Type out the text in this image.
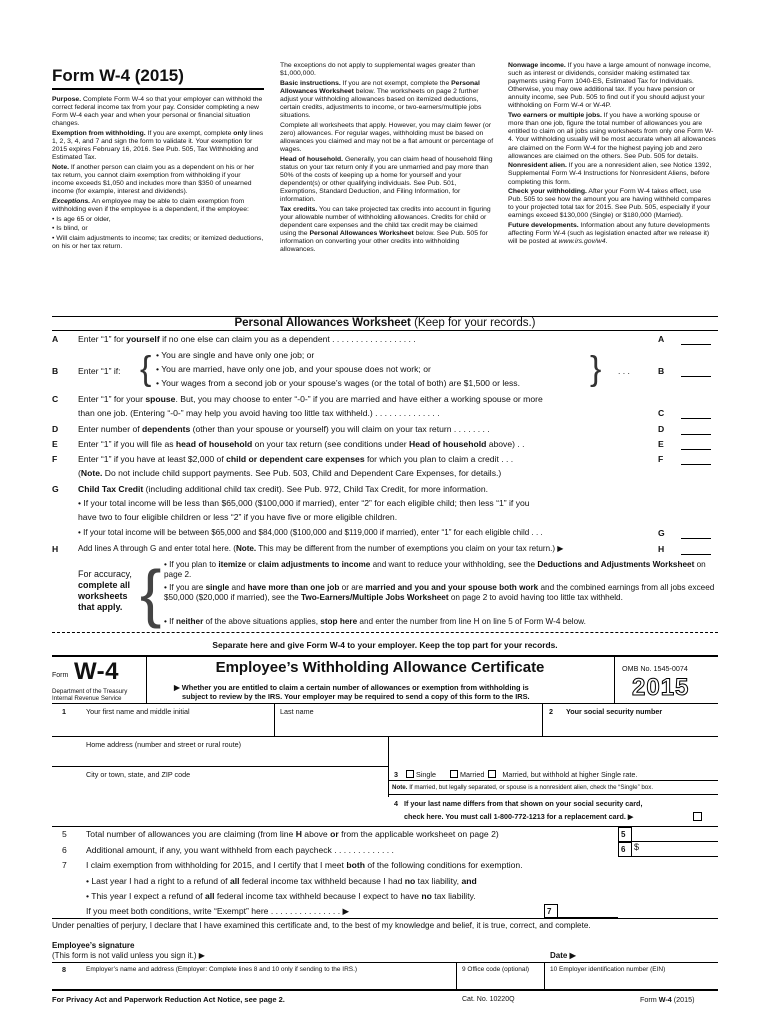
Form W-4 (2015)

Purpose. Complete Form W-4 so that your employer can withhold the correct federal income tax from your pay. Consider completing a new Form W-4 each year and when your personal or financial situation changes.

Exemption from withholding. If you are exempt, complete only lines 1, 2, 3, 4, and 7 and sign the form to validate it. Your exemption for 2015 expires February 16, 2016. See Pub. 505, Tax Withholding and Estimated Tax.

Note. If another person can claim you as a dependent on his or her tax return, you cannot claim exemption from withholding if your income exceeds $1,050 and includes more than $350 of unearned income (for example, interest and dividends).

Exceptions. An employee may be able to claim exemption from withholding even if the employee is a dependent, if the employee:

• Is age 65 or older,

• Is blind, or

• Will claim adjustments to income; tax credits; or itemized deductions, on his or her tax return.

The exceptions do not apply to supplemental wages greater than $1,000,000.

Basic instructions. If you are not exempt, complete the Personal Allowances Worksheet below. The worksheets on page 2 further adjust your withholding allowances based on itemized deductions, certain credits, adjustments to income, or two-earners/multiple jobs situations.

Complete all worksheets that apply. However, you may claim fewer (or zero) allowances. For regular wages, withholding must be based on allowances you claimed and may not be a flat amount or percentage of wages.

Head of household. Generally, you can claim head of household filing status on your tax return only if you are unmarried and pay more than 50% of the costs of keeping up a home for yourself and your dependent(s) or other qualifying individuals. See Pub. 501, Exemptions, Standard Deduction, and Filing Information, for information.

Tax credits. You can take projected tax credits into account in figuring your allowable number of withholding allowances. Credits for child or dependent care expenses and the child tax credit may be claimed using the Personal Allowances Worksheet below. See Pub. 505 for information on converting your other credits into withholding allowances.

Nonwage income. If you have a large amount of nonwage income, such as interest or dividends, consider making estimated tax payments using Form 1040-ES, Estimated Tax for Individuals. Otherwise, you may owe additional tax. If you have pension or annuity income, see Pub. 505 to find out if you should adjust your withholding on Form W-4 or W-4P.

Two earners or multiple jobs. If you have a working spouse or more than one job, figure the total number of allowances you are entitled to claim on all jobs using worksheets from only one Form W-4. Your withholding usually will be most accurate when all allowances are claimed on the Form W-4 for the highest paying job and zero allowances are claimed on the others. See Pub. 505 for details.

Nonresident alien. If you are a nonresident alien, see Notice 1392, Supplemental Form W-4 Instructions for Nonresident Aliens, before completing this form.

Check your withholding. After your Form W-4 takes effect, use Pub. 505 to see how the amount you are having withheld compares to your projected total tax for 2015. See Pub. 505, especially if your earnings exceed $130,000 (Single) or $180,000 (Married).

Future developments. Information about any future developments affecting Form W-4 (such as legislation enacted after we release it) will be posted at www.irs.gov/w4.

Personal Allowances Worksheet (Keep for your records.)
A Enter “1” for yourself if no one else can claim you as a dependent . . . . . . . . . . . . . . . . . .	A
B Enter “1” if: { • You are single and have only one job; or
• You are married, have only one job, and your spouse does not work; or
• Your wages from a second job or your spouse’s wages (or the total of both) are $1,500 or less.	} . . .	B
C Enter “1” for your spouse. But, you may choose to enter “-0-” if you are married and have either a working spouse or more
than one job. (Entering “-0-” may help you avoid having too little tax withheld.) . . . . . . . . . . . . . .	C
D Enter number of dependents (other than your spouse or yourself) you will claim on your tax return . . . . . . . .	D
E Enter “1” if you will file as head of household on your tax return (see conditions under Head of household above) . .	E
F Enter “1” if you have at least $2,000 of child or dependent care expenses for which you plan to claim a credit . . .	F
(Note. Do not include child support payments. See Pub. 503, Child and Dependent Care Expenses, for details.)
G Child Tax Credit (including additional child tax credit). See Pub. 972, Child Tax Credit, for more information.
• If your total income will be less than $65,000 ($100,000 if married), enter “2” for each eligible child; then less “1” if you
have two to four eligible children or less “2” if you have five or more eligible children.
• If your total income will be between $65,000 and $84,000 ($100,000 and $119,000 if married), enter “1” for each eligible child . . .	G
H Add lines A through G and enter total here. (Note. This may be different from the number of exemptions you claim on your tax return.) ▶	H
For accuracy, complete all worksheets that apply. { • If you plan to itemize or claim adjustments to income and want to reduce your withholding, see the Deductions and Adjustments Worksheet on page 2.
• If you are single and have more than one job or are married and you and your spouse both work and the combined earnings from all jobs exceed $50,000 ($20,000 if married), see the Two-Earners/Multiple Jobs Worksheet on page 2 to avoid having too little tax withheld.
• If neither of the above situations applies, stop here and enter the number from line H on line 5 of Form W-4 below.
Separate here and give Form W-4 to your employer. Keep the top part for your records.
Form W-4
Department of the Treasury
Internal Revenue Service
Employee’s Withholding Allowance Certificate
▶ Whether you are entitled to claim a certain number of allowances or exemption from withholding is
subject to review by the IRS. Your employer may be required to send a copy of this form to the IRS.
OMB No. 1545-0074
2015
1	Your first name and middle initial	Last name	2 Your social security number
Home address (number and street or rural route)
3	Single	Married	Married, but withhold at higher Single rate.
Note. If married, but legally separated, or spouse is a nonresident alien, check the “Single” box.
City or town, state, and ZIP code
4 If your last name differs from that shown on your social security card,
check here. You must call 1-800-772-1213 for a replacement card. ▶
5 Total number of allowances you are claiming (from line H above or from the applicable worksheet on page 2)	5
6 Additional amount, if any, you want withheld from each paycheck . . . . . . . . . . . . .	6 $
7 I claim exemption from withholding for 2015, and I certify that I meet both of the following conditions for exemption.
• Last year I had a right to a refund of all federal income tax withheld because I had no tax liability, and
• This year I expect a refund of all federal income tax withheld because I expect to have no tax liability.
If you meet both conditions, write “Exempt” here . . . . . . . . . . . . . . . ▶	7
Under penalties of perjury, I declare that I have examined this certificate and, to the best of my knowledge and belief, it is true, correct, and complete.
Employee’s signature
(This form is not valid unless you sign it.) ▶	Date ▶
8	Employer’s name and address (Employer: Complete lines 8 and 10 only if sending to the IRS.)	9 Office code (optional)	10 Employer identification number (EIN)
For Privacy Act and Paperwork Reduction Act Notice, see page 2.	Cat. No. 10220Q	Form W-4 (2015)
